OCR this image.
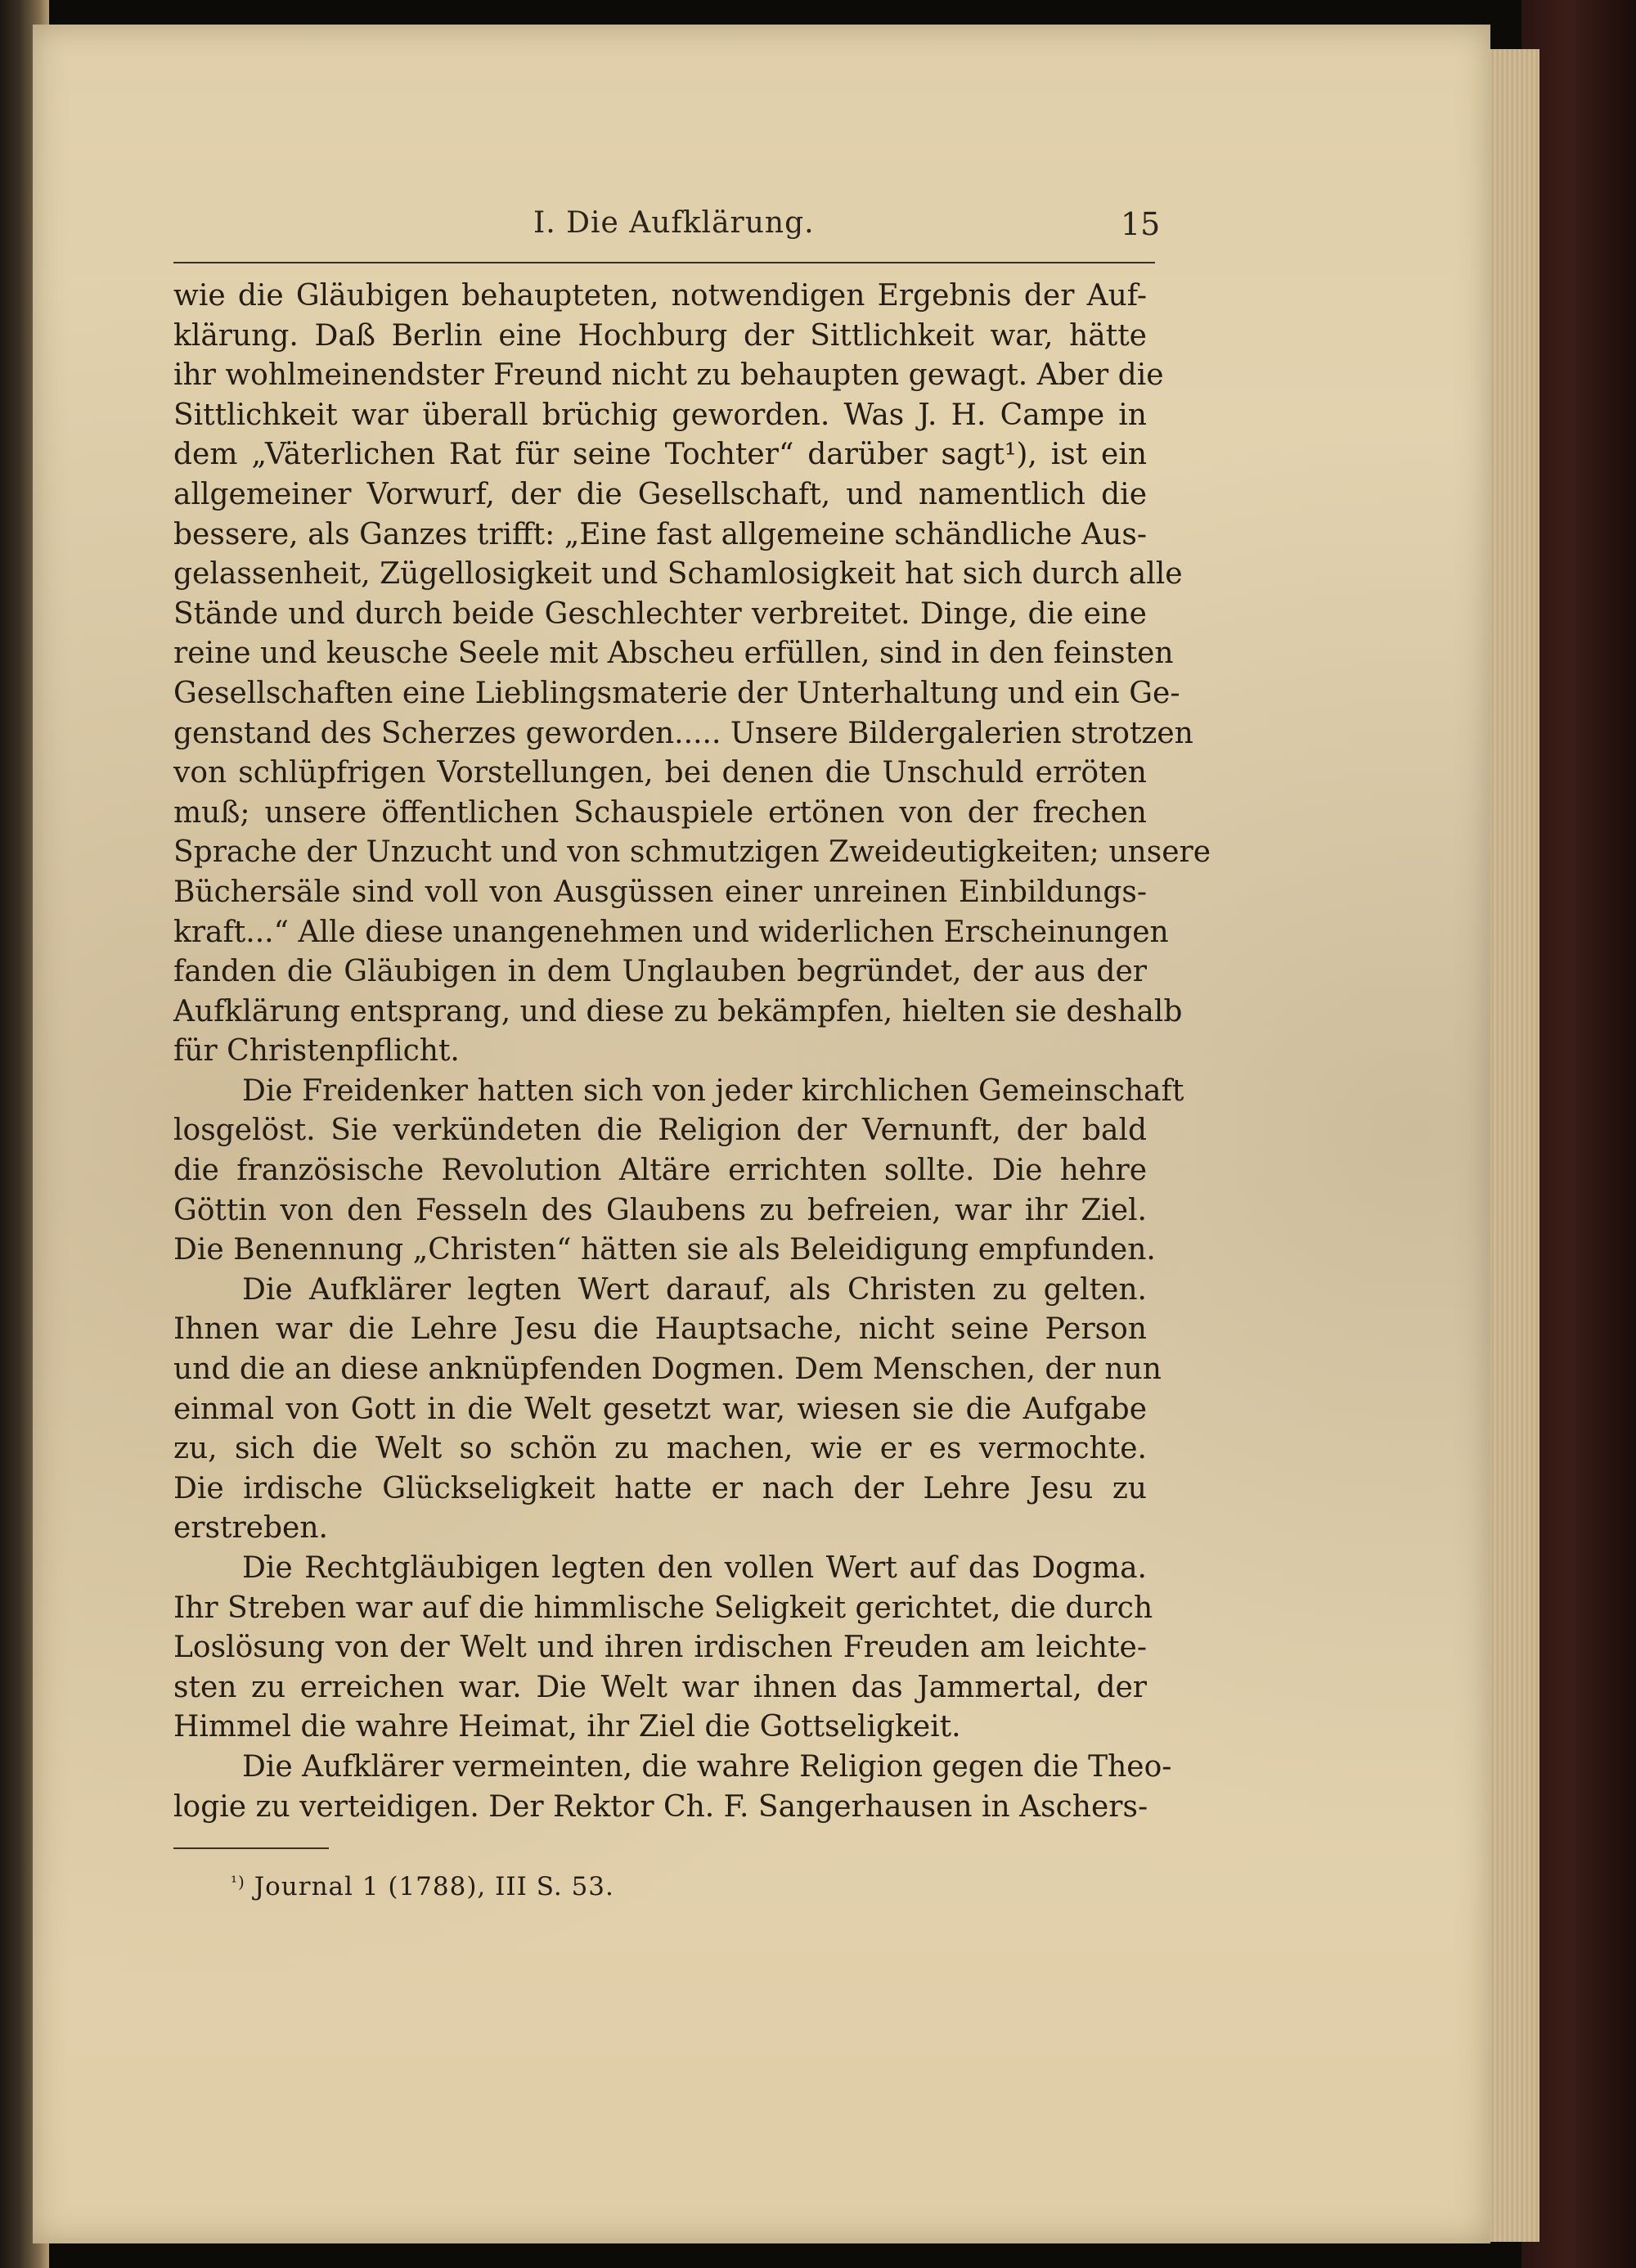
I. Die Aufklärung.	15
wie die Gläubigen behaupteten, notwendigen Ergebnis der Auf-
klärung. Daß Berlin eine Hochburg der Sittlichkeit war, hätte
ihr wohlmeinendster Freund nicht zu behaupten gewagt. Aber die
Sittlichkeit war überall brüchig geworden. Was J. H. Campe in
dem „Väterlichen Rat für seine Tochter“ darüber sagt¹), ist ein
allgemeiner Vorwurf, der die Gesellschaft, und namentlich die
bessere, als Ganzes trifft: „Eine fast allgemeine schändliche Aus-
gelassenheit, Zügellosigkeit und Schamlosigkeit hat sich durch alle
Stände und durch beide Geschlechter verbreitet. Dinge, die eine
reine und keusche Seele mit Abscheu erfüllen, sind in den feinsten
Gesellschaften eine Lieblingsmaterie der Unterhaltung und ein Ge-
genstand des Scherzes geworden..... Unsere Bildergalerien strotzen
von schlüpfrigen Vorstellungen, bei denen die Unschuld erröten
muß; unsere öffentlichen Schauspiele ertönen von der frechen
Sprache der Unzucht und von schmutzigen Zweideutigkeiten; unsere
Büchersäle sind voll von Ausgüssen einer unreinen Einbildungs-
kraft...“ Alle diese unangenehmen und widerlichen Erscheinungen
fanden die Gläubigen in dem Unglauben begründet, der aus der
Aufklärung entsprang, und diese zu bekämpfen, hielten sie deshalb
für Christenpflicht.
Die Freidenker hatten sich von jeder kirchlichen Gemeinschaft
losgelöst. Sie verkündeten die Religion der Vernunft, der bald
die französische Revolution Altäre errichten sollte. Die hehre
Göttin von den Fesseln des Glaubens zu befreien, war ihr Ziel.
Die Benennung „Christen“ hätten sie als Beleidigung empfunden.
Die Aufklärer legten Wert darauf, als Christen zu gelten.
Ihnen war die Lehre Jesu die Hauptsache, nicht seine Person
und die an diese anknüpfenden Dogmen. Dem Menschen, der nun
einmal von Gott in die Welt gesetzt war, wiesen sie die Aufgabe
zu, sich die Welt so schön zu machen, wie er es vermochte.
Die irdische Glückseligkeit hatte er nach der Lehre Jesu zu
erstreben.
Die Rechtgläubigen legten den vollen Wert auf das Dogma.
Ihr Streben war auf die himmlische Seligkeit gerichtet, die durch
Loslösung von der Welt und ihren irdischen Freuden am leichte-
sten zu erreichen war. Die Welt war ihnen das Jammertal, der
Himmel die wahre Heimat, ihr Ziel die Gottseligkeit.
Die Aufklärer vermeinten, die wahre Religion gegen die Theo-
logie zu verteidigen. Der Rektor Ch. F. Sangerhausen in Aschers-
$^{^1)}$ Journal 1 (1788), III S. 53.
